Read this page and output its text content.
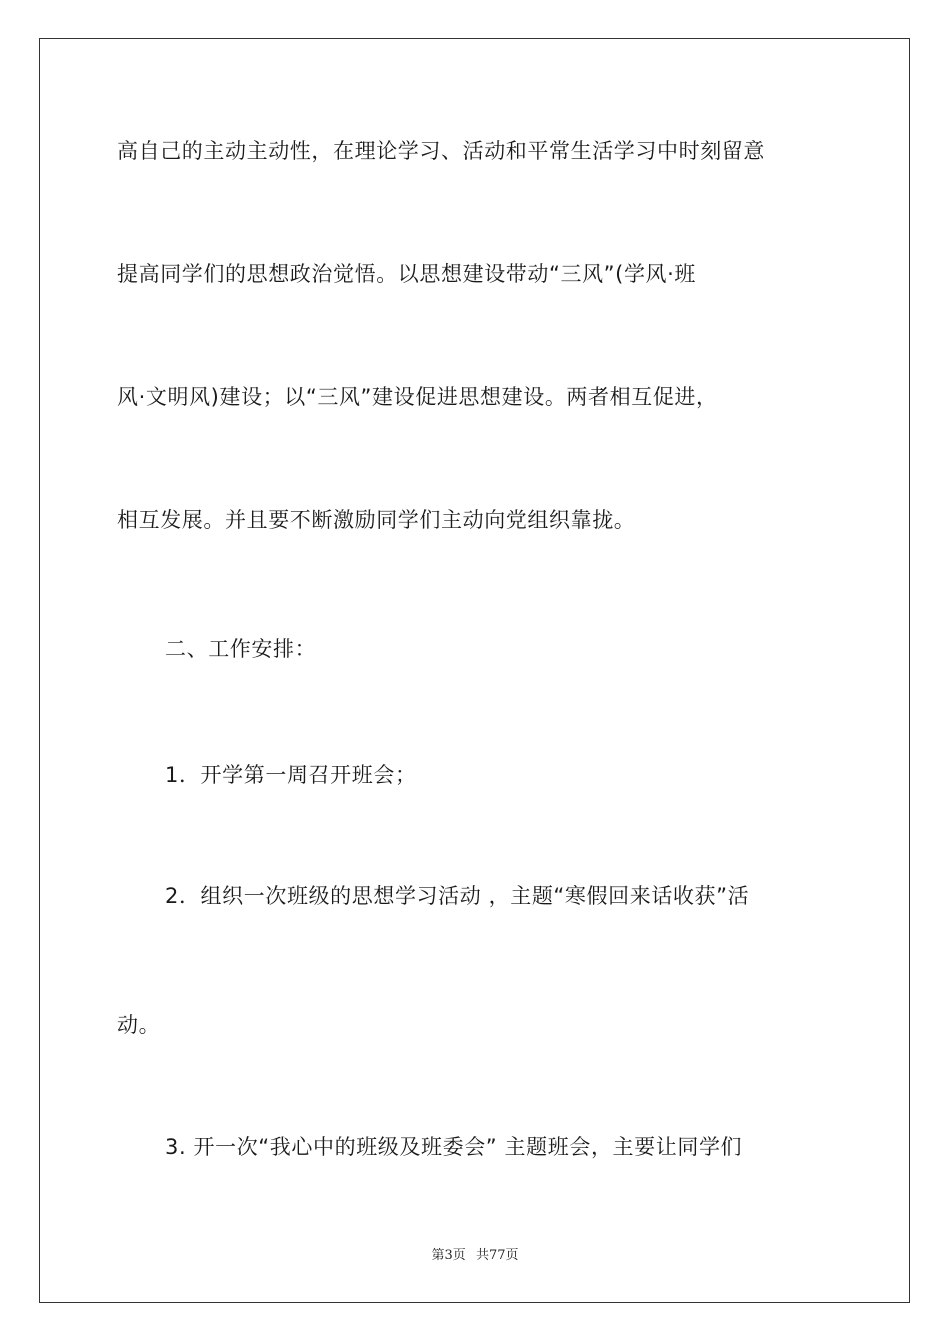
高自己的主动主动性，在理论学习、活动和平常生活学习中时刻留意
提高同学们的思想政治觉悟。以思想建设带动“三风”(学风·班
风·文明风)建设；以“三风”建设促进思想建设。两者相互促进，
相互发展。并且要不断激励同学们主动向党组织靠拢。
二、工作安排：
1．开学第一周召开班会；
2．组织一次班级的思想学习活动 ，主题“寒假回来话收获”活
动。
3. 开一次“我心中的班级及班委会” 主题班会，主要让同学们
第3页 共77页
